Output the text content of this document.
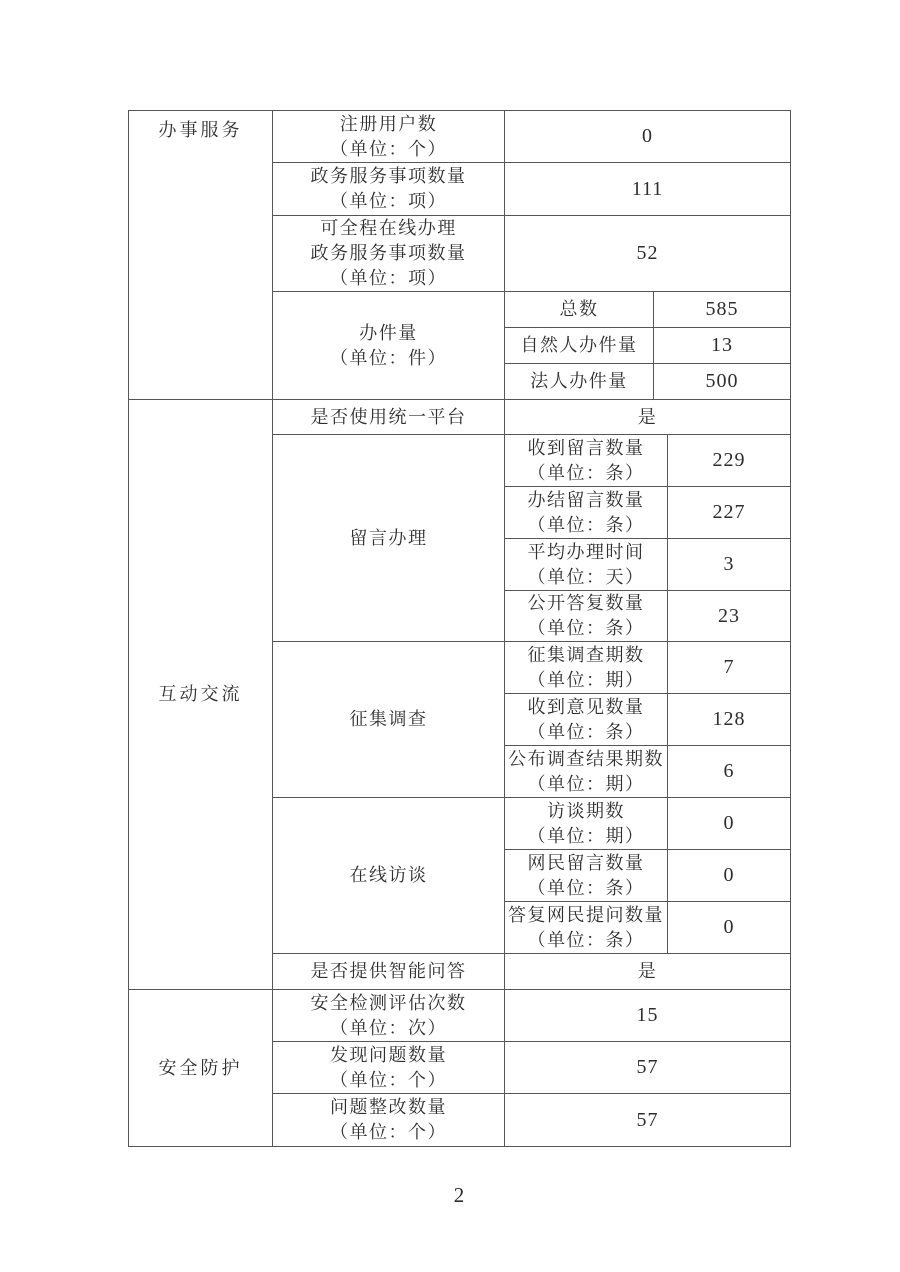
办事服务	注册用户数
（单位：个）	0		

	政务服务事项数量
（单位：项）	111		

	可全程在线办理
政务服务事项数量
（单位：项）	52		

	办件量
（单位：件）	总数	585	
		自然人办件量	13	
		法人办件量	500	
互动交流	是否使用统一平台	是		
	留言办理	收到留言数量
（单位：条）		229

		办结留言数量
（单位：条）		227

		平均办理时间
（单位：天）		3

		公开答复数量
（单位：条）		23
	征集调查	征集调查期数
（单位：期）		7

		收到意见数量
（单位：条）		128

		公布调查结果期数
（单位：期）		6
	在线访谈	访谈期数
（单位：期）		0

		网民留言数量
（单位：条）		0

		答复网民提问数量
（单位：条）		0
	是否提供智能问答	是		
安全防护	安全检测评估次数
（单位：次）	15		

	发现问题数量
（单位：个）	57		

	问题整改数量
（单位：个）	57		
2
